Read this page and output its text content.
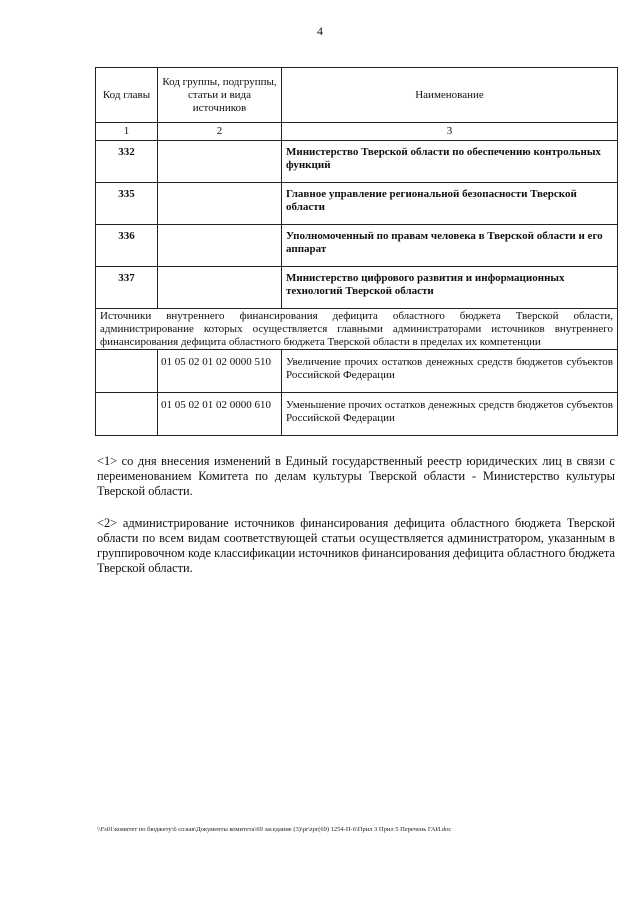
4
Код главы	Код группы, подгруппы, статьи и вида источников	Наименование
1	2	3
332		Министерство Тверской области по обеспечению контрольных функций
335		Главное управление региональной безопасности Тверской области
336		Уполномоченный по правам человека в Тверской области и его аппарат
337		Министерство цифрового развития и информационных технологий Тверской области
Источники внутреннего финансирования дефицита областного бюджета Тверской области, администрирование которых осуществляется главными администраторами источников внутреннего
финансирования дефицита областного бюджета Тверской области в пределах их компетенции		

	01 05 02 01 02 0000 510	Увеличение прочих остатков денежных средств бюджетов субъектов Российской Федерации
	01 05 02 01 02 0000 610	Уменьшение прочих остатков денежных средств бюджетов субъектов Российской Федерации

<1> со дня внесения изменений в Единый государственный реестр юридических лиц в связи с переименованием Комитета по делам культуры Тверской области - Министерство культуры Тверской области.

<2> администрирование источников финансирования дефицита областного бюджета Тверской области по всем видам соответствующей статьи осуществляется администратором, указанным в группировочном коде классификации источников финансирования дефицита областного бюджета Тверской области.

\\Fs01\комитет по бюджету\6 созыв\Документы комитета\69 заседание (3)\pr\zpr(69) 1254-П-6\Прил 3 Прил 5 Перечень ГАИ.doc
